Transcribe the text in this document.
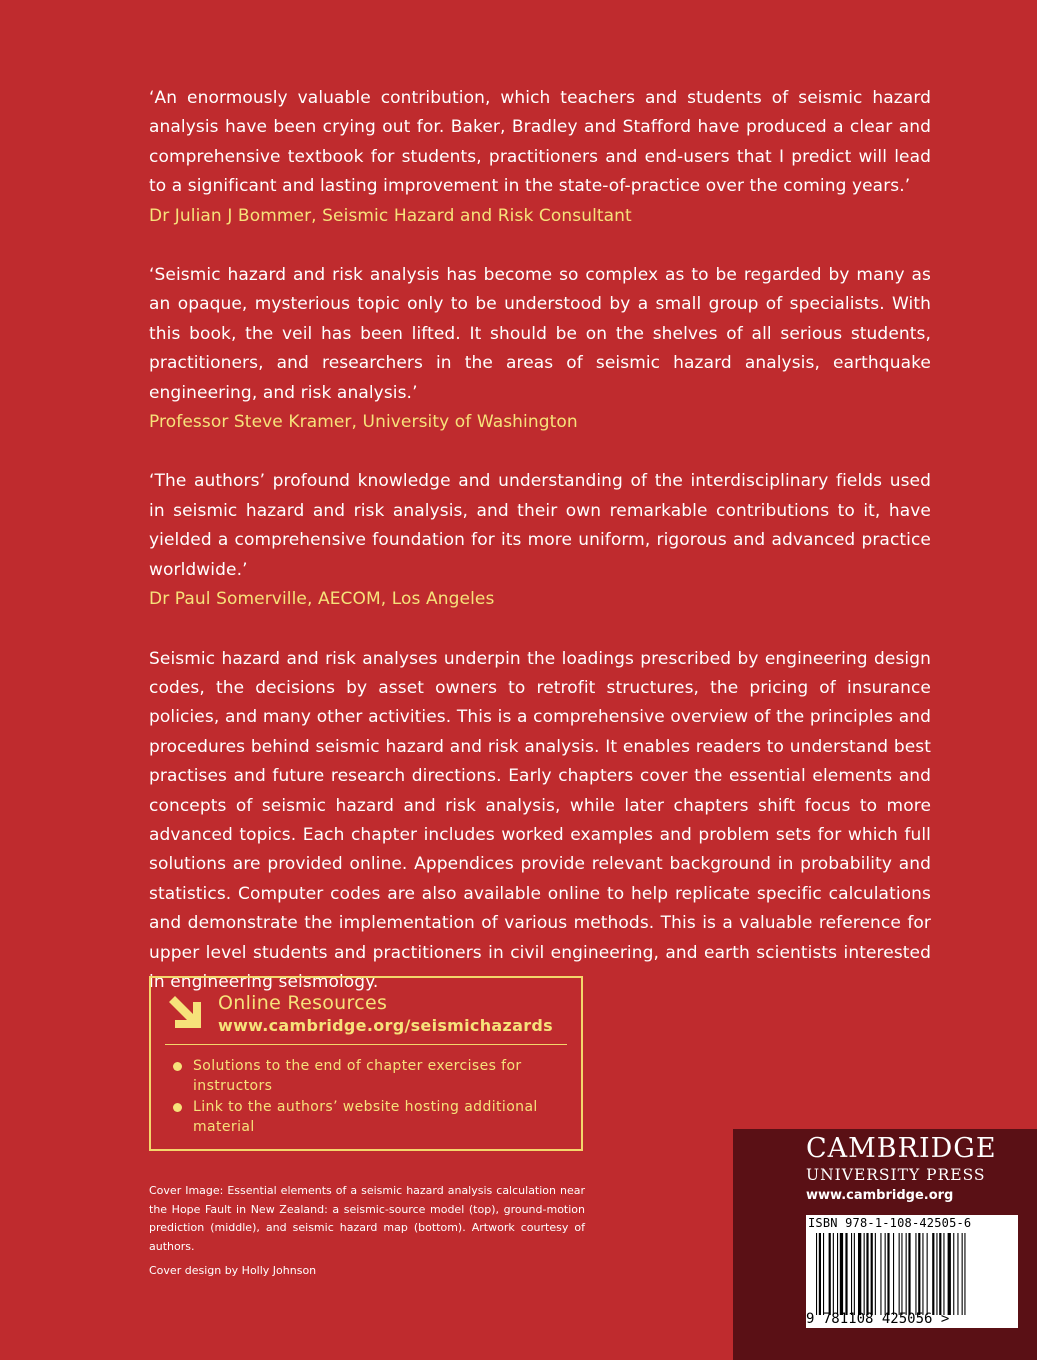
‘An enormously valuable contribution, which teachers and students of seismic hazard analysis have been crying out for. Baker, Bradley and Stafford have produced a clear and comprehensive textbook for students, practitioners and end-users that I predict will lead to a significant and lasting improvement in the state-of-practice over the coming years.’

Dr Julian J Bommer, Seismic Hazard and Risk Consultant

‘Seismic hazard and risk analysis has become so complex as to be regarded by many as an opaque, mysterious topic only to be understood by a small group of specialists. With this book, the veil has been lifted. It should be on the shelves of all serious students, practitioners, and researchers in the areas of seismic hazard analysis, earthquake engineering, and risk analysis.’

Professor Steve Kramer, University of Washington

‘The authors’ profound knowledge and understanding of the interdisciplinary fields used in seismic hazard and risk analysis, and their own remarkable contributions to it, have yielded a comprehensive foundation for its more uniform, rigorous and advanced practice worldwide.’

Dr Paul Somerville, AECOM, Los Angeles

Seismic hazard and risk analyses underpin the loadings prescribed by engineering design codes, the decisions by asset owners to retrofit structures, the pricing of insurance policies, and many other activities. This is a comprehensive overview of the principles and procedures behind seismic hazard and risk analysis. It enables readers to understand best practises and future research directions. Early chapters cover the essential elements and concepts of seismic hazard and risk analysis, while later chapters shift focus to more advanced topics. Each chapter includes worked examples and problem sets for which full solutions are provided online. Appendices provide relevant background in probability and statistics. Computer codes are also available online to help replicate specific calculations and demonstrate the implementation of various methods. This is a valuable reference for upper level students and practitioners in civil engineering, and earth scientists interested in engineering seismology.

Online Resources
www.cambridge.org/seismichazards
Solutions to the end of chapter exercises for instructors
Link to the authors’ website hosting additional material

Cover Image: Essential elements of a seismic hazard analysis calculation near the Hope Fault in New Zealand: a seismic-source model (top), ground-motion prediction (middle), and seismic hazard map (bottom). Artwork courtesy of authors.

Cover design by Holly Johnson

CAMBRIDGE
UNIVERSITY PRESS
www.cambridge.org
ISBN 978-1-108-42505-6
9 781108 425056 >
